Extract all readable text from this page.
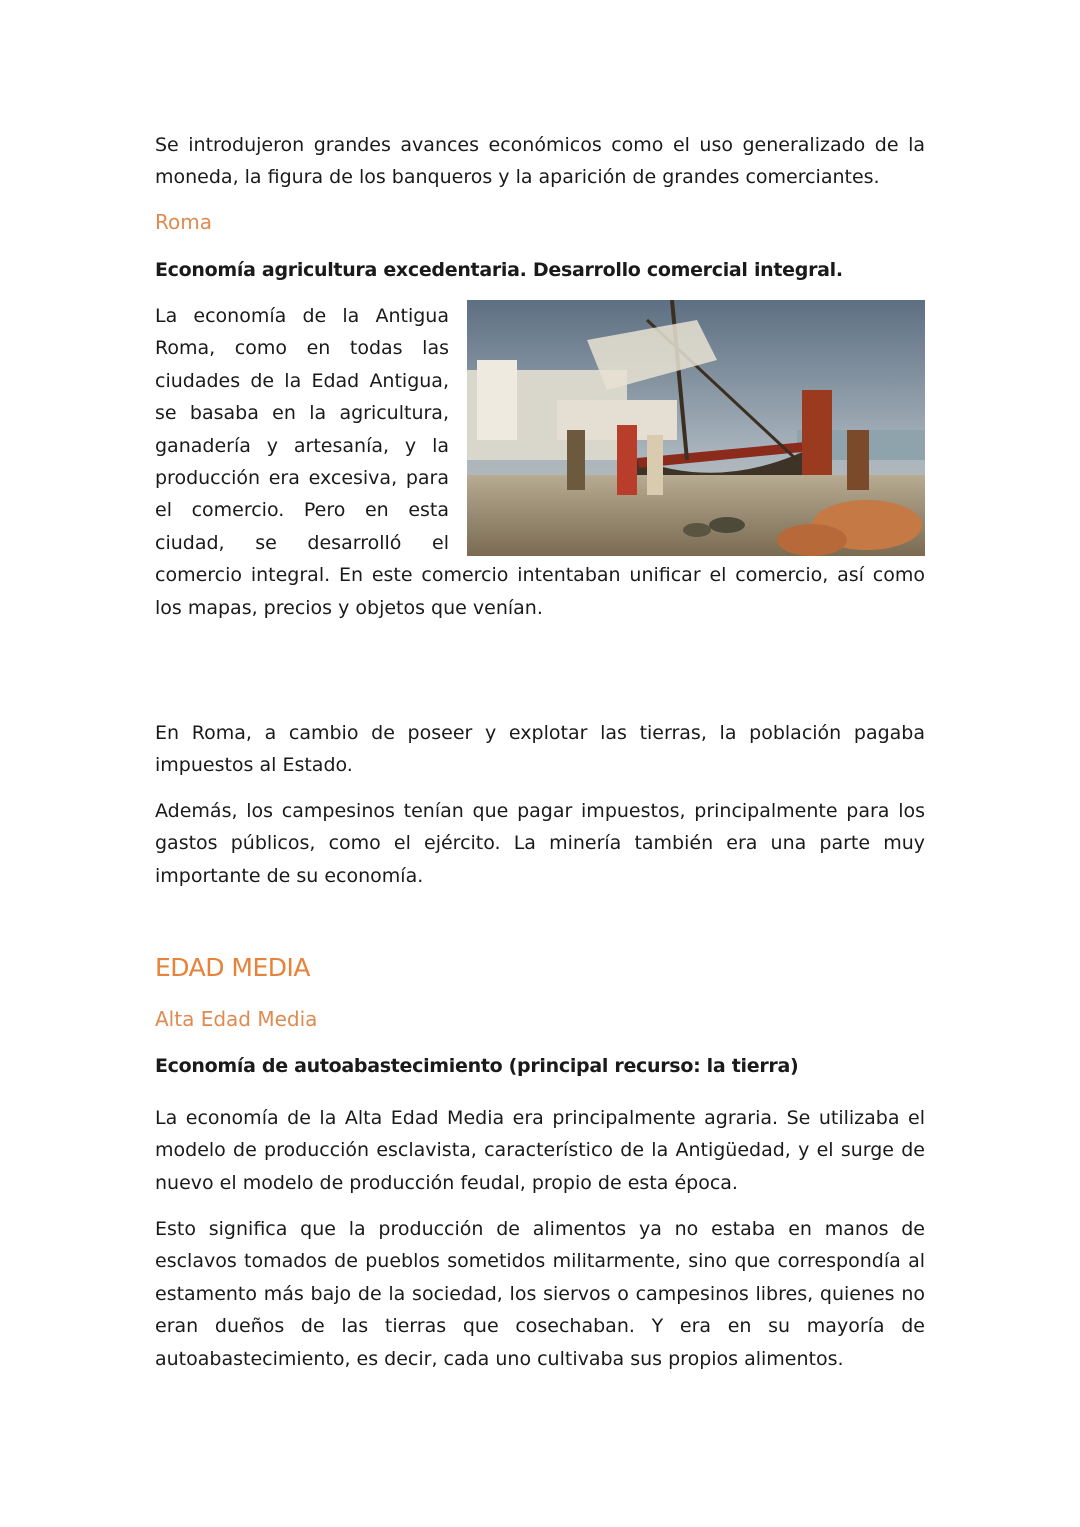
Se introdujeron grandes avances económicos como el uso generalizado de la moneda, la figura de los banqueros y la aparición de grandes comerciantes.

Roma
Economía agricultura excedentaria. Desarrollo comercial integral.

La economía de la Antigua Roma, como en todas las ciudades de la Edad Antigua, se basaba en la agricultura, ganadería y artesanía, y la producción era excesiva, para el comercio. Pero en esta ciudad, se desarrolló el comercio integral. En este comercio intentaban unificar el comercio, así como los mapas, precios y objetos que venían.

En Roma, a cambio de poseer y explotar las tierras, la población pagaba impuestos al Estado.
Además, los campesinos tenían que pagar impuestos, principalmente para los gastos públicos, como el ejército. La minería también era una parte muy importante de su economía.
EDAD MEDIA
Alta Edad Media
Economía de autoabastecimiento (principal recurso: la tierra)
La economía de la Alta Edad Media era principalmente agraria. Se utilizaba el modelo de producción esclavista, característico de la Antigüedad, y el surge de nuevo el modelo de producción feudal, propio de esta época.
Esto significa que la producción de alimentos ya no estaba en manos de esclavos tomados de pueblos sometidos militarmente, sino que correspondía al estamento más bajo de la sociedad, los siervos o campesinos libres, quienes no eran dueños de las tierras que cosechaban. Y era en su mayoría de autoabastecimiento, es decir, cada uno cultivaba sus propios alimentos.
